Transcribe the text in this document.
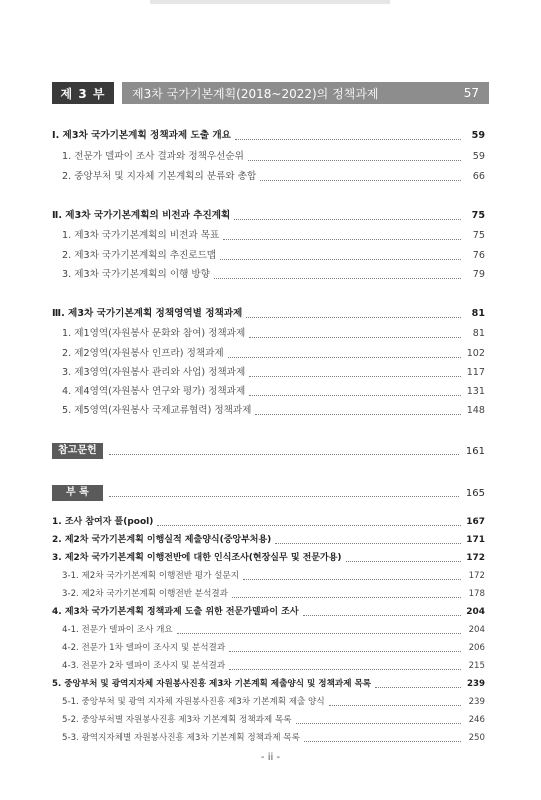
제 3 부	제3차 국가기본계획(2018~2022)의 정책과제	57
Ⅰ. 제3차 국가기본계획 정책과제 도출 개요	59
1. 전문가 델파이 조사 결과와 정책우선순위	59
2. 중앙부처 및 지자체 기본계획의 분류와 총합	66
Ⅱ. 제3차 국가기본계획의 비전과 추진계획	75
1. 제3차 국가기본계획의 비전과 목표	75
2. 제3차 국가기본계획의 추진로드맵	76
3. 제3차 국가기본계획의 이행 방향	79
Ⅲ. 제3차 국가기본계획 정책영역별 정책과제	81
1. 제1영역(자원봉사 문화와 참여) 정책과제	81
2. 제2영역(자원봉사 인프라) 정책과제	102
3. 제3영역(자원봉사 관리와 사업) 정책과제	117
4. 제4영역(자원봉사 연구와 평가) 정책과제	131
5. 제5영역(자원봉사 국제교류협력) 정책과제	148
참고문헌	161
부 록	165
1. 조사 참여자 풀(pool)	167
2. 제2차 국가기본계획 이행실적 제출양식(중앙부처용)	171
3. 제2차 국가기본계획 이행전반에 대한 인식조사(현장실무 및 전문가용)	172
3-1. 제2차 국가기본계획 이행전반 평가 설문지	172
3-2. 제2차 국가기본계획 이행전반 분석결과	178
4. 제3차 국가기본계획 정책과제 도출 위한 전문가델파이 조사	204
4-1. 전문가 델파이 조사 개요	204
4-2. 전문가 1차 델파이 조사지 및 분석결과	206
4-3. 전문가 2차 델파이 조사지 및 분석결과	215
5. 중앙부처 및 광역지자체 자원봉사진흥 제3차 기본계획 제출양식 및 정책과제 목록	239
5-1. 중앙부처 및 광역 지자체 자원봉사진흥 제3차 기본계획 제출 양식	239
5-2. 중앙부처별 자원봉사진흥 제3차 기본계획 정책과제 목록	246
5-3. 광역지자체별 자원봉사진흥 제3차 기본계획 정책과제 목록	250
- ii -
